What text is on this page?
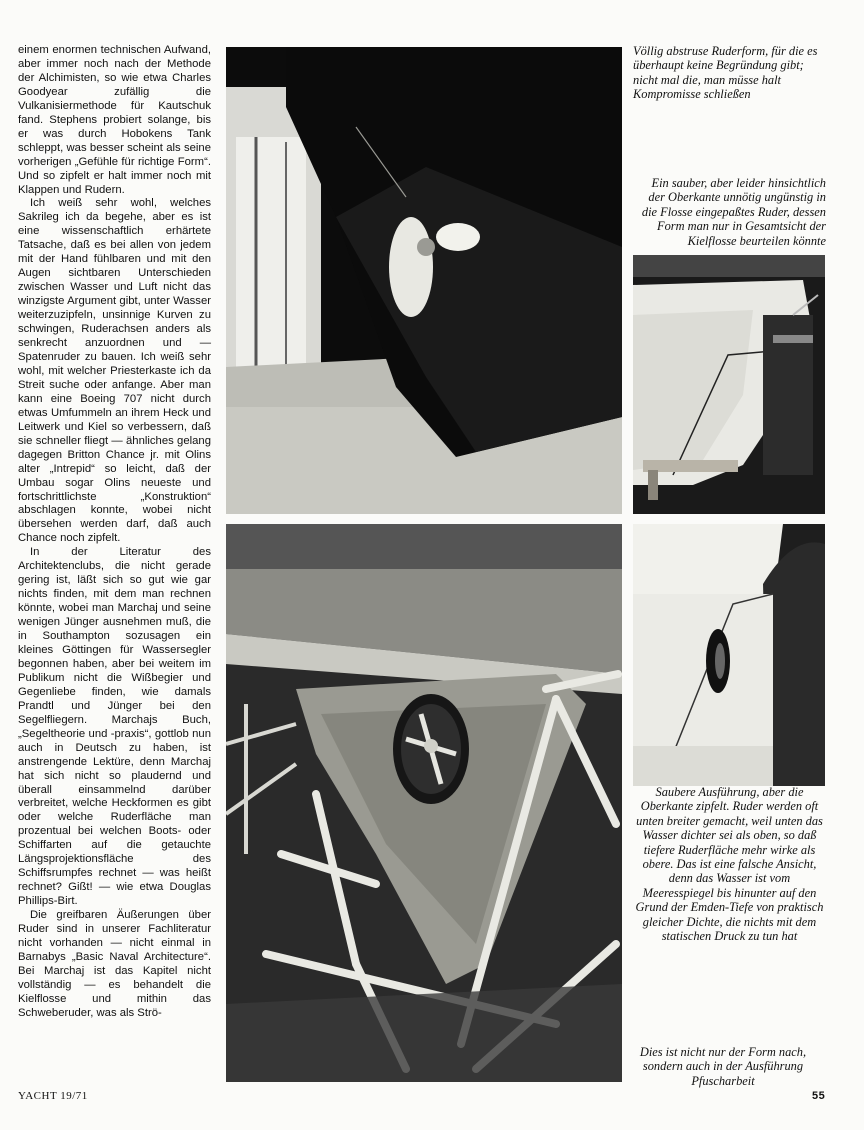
einem enormen technischen Aufwand, aber immer noch nach der Methode der Alchimisten, so wie etwa Charles Goodyear zufällig die Vulkanisiermethode für Kautschuk fand. Stephens probiert solange, bis er was durch Hobokens Tank schleppt, was besser scheint als seine vorherigen „Gefühle für richtige Form“. Und so zipfelt er halt immer noch mit Klappen und Rudern.

Ich weiß sehr wohl, welches Sakrileg ich da begehe, aber es ist eine wissenschaftlich erhärtete Tatsache, daß es bei allen von jedem mit der Hand fühlbaren und mit den Augen sichtbaren Unterschieden zwischen Wasser und Luft nicht das winzigste Argument gibt, unter Wasser weiterzuzipfeln, unsinnige Kurven zu schwingen, Ruderachsen anders als senkrecht anzuordnen und — Spatenruder zu bauen. Ich weiß sehr wohl, mit welcher Priesterkaste ich da Streit suche oder anfange. Aber man kann eine Boeing 707 nicht durch etwas Umfummeln an ihrem Heck und Leitwerk und Kiel so verbessern, daß sie schneller fliegt — ähnliches gelang dagegen Britton Chance jr. mit Olins alter „Intrepid“ so leicht, daß der Umbau sogar Olins neueste und fortschrittlichste „Konstruktion“ abschlagen konnte, wobei nicht übersehen werden darf, daß auch Chance noch zipfelt.

In der Literatur des Architektenclubs, die nicht gerade gering ist, läßt sich so gut wie gar nichts finden, mit dem man rechnen könnte, wobei man Marchaj und seine wenigen Jünger ausnehmen muß, die in Southampton sozusagen ein kleines Göttingen für Wassersegler begonnen haben, aber bei weitem im Publikum nicht die Wißbegier und Gegenliebe finden, wie damals Prandtl und Jünger bei den Segelfliegern. Marchajs Buch, „Segeltheorie und -praxis“, gottlob nun auch in Deutsch zu haben, ist anstrengende Lektüre, denn Marchaj hat sich nicht so plaudernd und überall einsammelnd darüber verbreitet, welche Heckformen es gibt oder welche Ruderfläche man prozentual bei welchen Boots- oder Schiffarten auf die getauchte Längsprojektionsfläche des Schiffsrumpfes rechnet — was heißt rechnet? Gißt! — wie etwa Douglas Phillips-Birt.

Die greifbaren Äußerungen über Ruder sind in unserer Fachliteratur nicht vorhanden — nicht einmal in Barnabys „Basic Naval Architecture“. Bei Marchaj ist das Kapitel nicht vollständig — es behandelt die Kielflosse und mithin das Schweberuder, was als Strö-

Völlig abstruse Ruderform, für die es überhaupt keine Begründung gibt; nicht mal die, man müsse halt Kompromisse schließen
Ein sauber, aber leider hinsichtlich der Oberkante unnötig ungünstig in die Flosse eingepaßtes Ruder, dessen Form man nur in Gesamtsicht der Kielflosse beurteilen könnte
Saubere Ausführung, aber die Oberkante zipfelt. Ruder werden oft unten breiter gemacht, weil unten das Wasser dichter sei als oben, so daß tiefere Ruderfläche mehr wirke als obere. Das ist eine falsche Ansicht, denn das Wasser ist vom Meeresspiegel bis hinunter auf den Grund der Emden-Tiefe von praktisch gleicher Dichte, die nichts mit dem statischen Druck zu tun hat
Dies ist nicht nur der Form nach, sondern auch in der Ausführung Pfuscharbeit
YACHT 19/71	55
